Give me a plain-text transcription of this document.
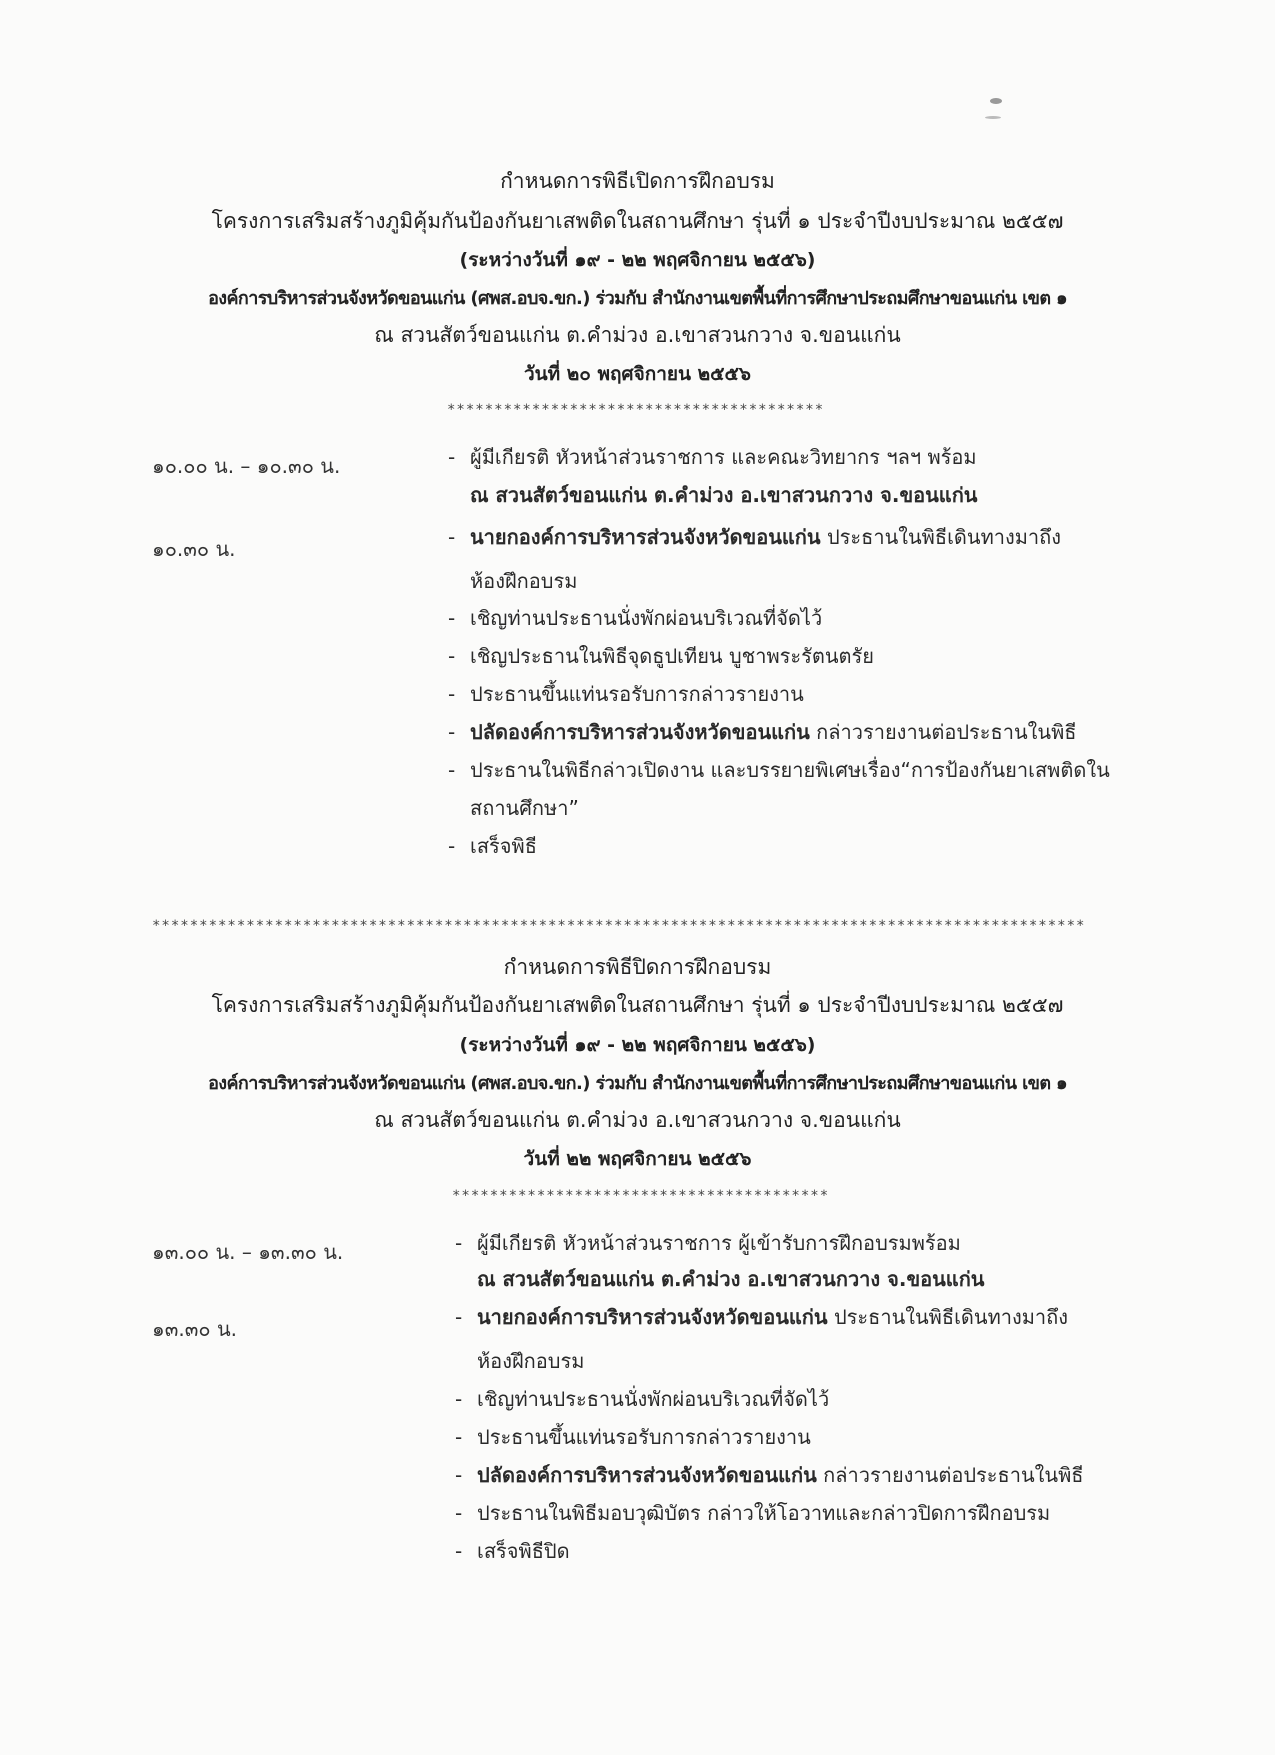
กำหนดการพิธีเปิดการฝึกอบรม
โครงการเสริมสร้างภูมิคุ้มกันป้องกันยาเสพติดในสถานศึกษา รุ่นที่ ๑ ประจำปีงบประมาณ ๒๕๕๗
(ระหว่างวันที่ ๑๙ - ๒๒ พฤศจิกายน ๒๕๕๖)
องค์การบริหารส่วนจังหวัดขอนแก่น (ศพส.อบจ.ขก.) ร่วมกับ สำนักงานเขตพื้นที่การศึกษาประถมศึกษาขอนแก่น เขต ๑
ณ สวนสัตว์ขอนแก่น ต.คำม่วง อ.เขาสวนกวาง จ.ขอนแก่น
วันที่ ๒๐ พฤศจิกายน ๒๕๕๖
****************************************
๑๐.๐๐ น. – ๑๐.๓๐ น.	- ผู้มีเกียรติ หัวหน้าส่วนราชการ และคณะวิทยากร ฯลฯ พร้อม
ณ สวนสัตว์ขอนแก่น ต.คำม่วง อ.เขาสวนกวาง จ.ขอนแก่น
๑๐.๓๐ น.	- นายกองค์การบริหารส่วนจังหวัดขอนแก่น ประธานในพิธีเดินทางมาถึง
ห้องฝึกอบรม
- เชิญท่านประธานนั่งพักผ่อนบริเวณที่จัดไว้
- เชิญประธานในพิธีจุดธูปเทียน บูชาพระรัตนตรัย
- ประธานขึ้นแท่นรอรับการกล่าวรายงาน
- ปลัดองค์การบริหารส่วนจังหวัดขอนแก่น กล่าวรายงานต่อประธานในพิธี
- ประธานในพิธีกล่าวเปิดงาน และบรรยายพิเศษเรื่อง“การป้องกันยาเสพติดใน
สถานศึกษา”
- เสร็จพิธี
***************************************************************************************************
กำหนดการพิธีปิดการฝึกอบรม
โครงการเสริมสร้างภูมิคุ้มกันป้องกันยาเสพติดในสถานศึกษา รุ่นที่ ๑ ประจำปีงบประมาณ ๒๕๕๗
(ระหว่างวันที่ ๑๙ - ๒๒ พฤศจิกายน ๒๕๕๖)
องค์การบริหารส่วนจังหวัดขอนแก่น (ศพส.อบจ.ขก.) ร่วมกับ สำนักงานเขตพื้นที่การศึกษาประถมศึกษาขอนแก่น เขต ๑
ณ สวนสัตว์ขอนแก่น ต.คำม่วง อ.เขาสวนกวาง จ.ขอนแก่น
วันที่ ๒๒ พฤศจิกายน ๒๕๕๖
****************************************
๑๓.๐๐ น. – ๑๓.๓๐ น.	- ผู้มีเกียรติ หัวหน้าส่วนราชการ ผู้เข้ารับการฝึกอบรมพร้อม
ณ สวนสัตว์ขอนแก่น ต.คำม่วง อ.เขาสวนกวาง จ.ขอนแก่น
๑๓.๓๐ น.	- นายกองค์การบริหารส่วนจังหวัดขอนแก่น ประธานในพิธีเดินทางมาถึง
ห้องฝึกอบรม
- เชิญท่านประธานนั่งพักผ่อนบริเวณที่จัดไว้
- ประธานขึ้นแท่นรอรับการกล่าวรายงาน
- ปลัดองค์การบริหารส่วนจังหวัดขอนแก่น กล่าวรายงานต่อประธานในพิธี
- ประธานในพิธีมอบวุฒิบัตร กล่าวให้โอวาทและกล่าวปิดการฝึกอบรม
- เสร็จพิธีปิด
